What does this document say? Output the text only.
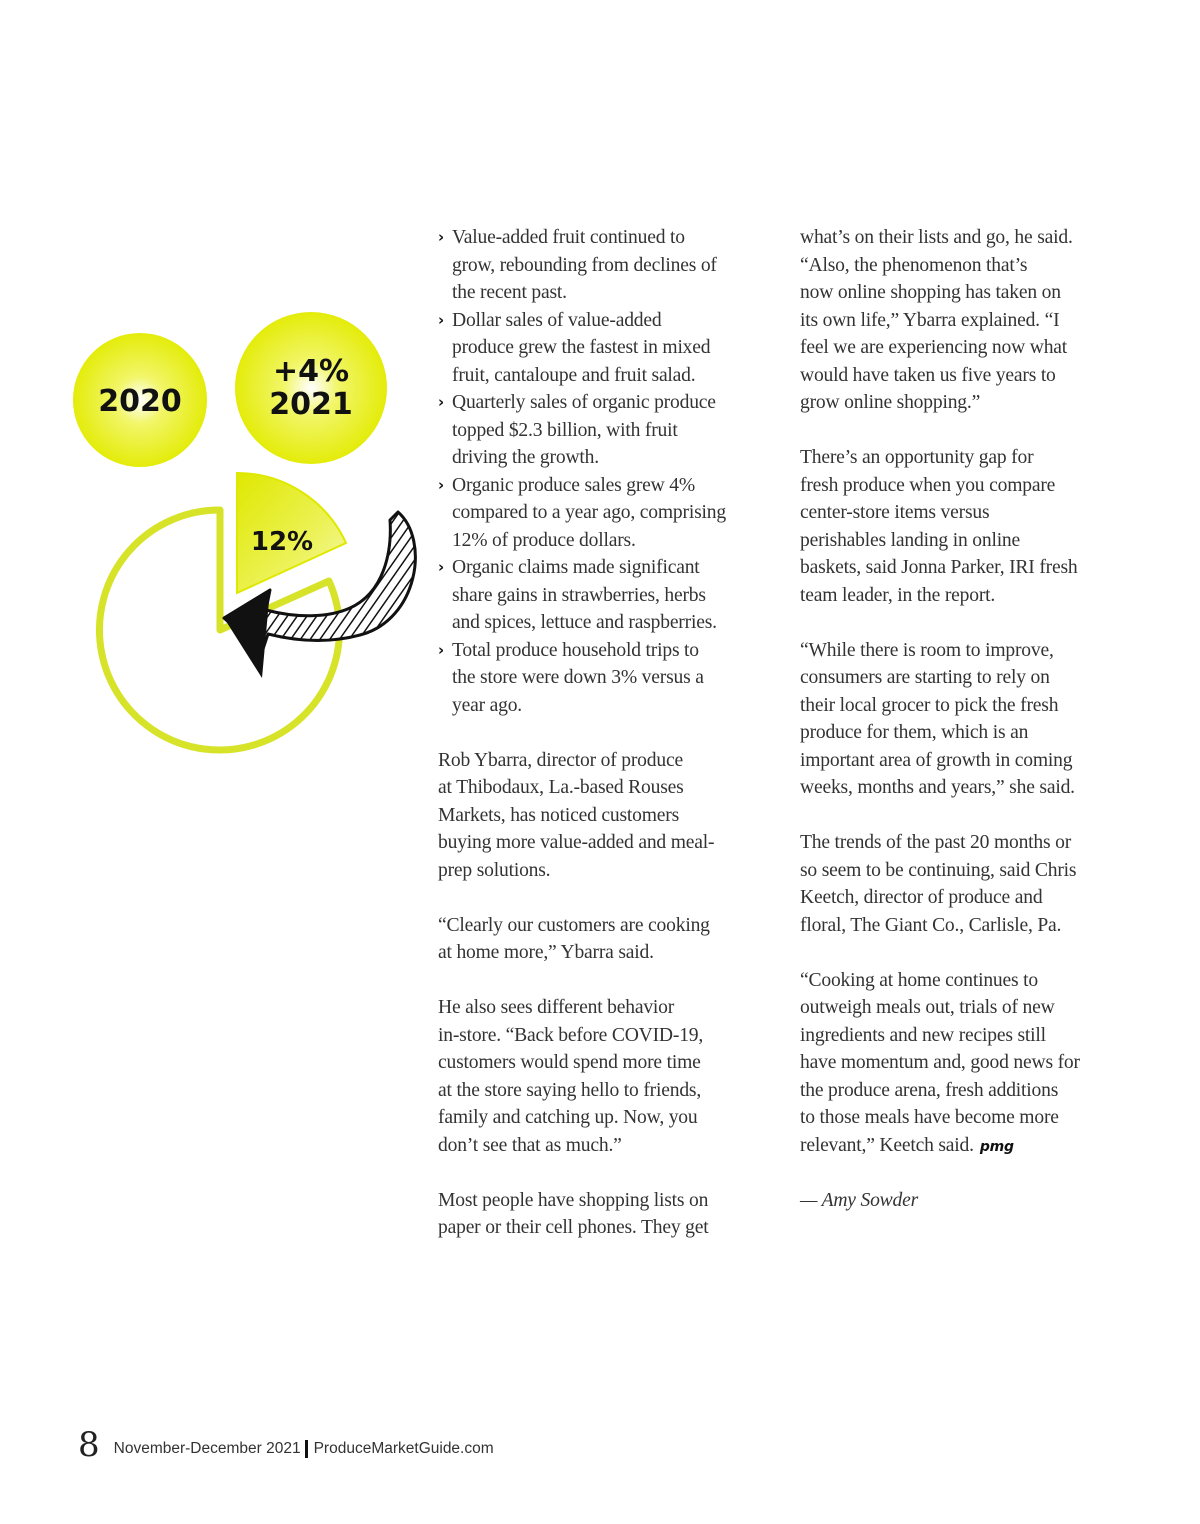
2020
+4%
2021
12%
› Value-added fruit continued to
grow, rebounding from declines of
the recent past.
› Dollar sales of value-added
produce grew the fastest in mixed
fruit, cantaloupe and fruit salad.
› Quarterly sales of organic produce
topped $2.3 billion, with fruit
driving the growth.
› Organic produce sales grew 4%
compared to a year ago, comprising
12% of produce dollars.
› Organic claims made significant
share gains in strawberries, herbs
and spices, lettuce and raspberries.
› Total produce household trips to
the store were down 3% versus a
year ago.
Rob Ybarra, director of produce
at Thibodaux, La.-based Rouses
Markets, has noticed customers
buying more value-added and meal-
prep solutions.
“Clearly our customers are cooking
at home more,” Ybarra said.
He also sees different behavior
in-store. “Back before COVID-19,
customers would spend more time
at the store saying hello to friends,
family and catching up. Now, you
don’t see that as much.”
Most people have shopping lists on
paper or their cell phones. They get
what’s on their lists and go, he said.
“Also, the phenomenon that’s
now online shopping has taken on
its own life,” Ybarra explained. “I
feel we are experiencing now what
would have taken us five years to
grow online shopping.”
There’s an opportunity gap for
fresh produce when you compare
center-store items versus
perishables landing in online
baskets, said Jonna Parker, IRI fresh
team leader, in the report.
“While there is room to improve,
consumers are starting to rely on
their local grocer to pick the fresh
produce for them, which is an
important area of growth in coming
weeks, months and years,” she said.
The trends of the past 20 months or
so seem to be continuing, said Chris
Keetch, director of produce and
floral, The Giant Co., Carlisle, Pa.
“Cooking at home continues to
outweigh meals out, trials of new
ingredients and new recipes still
have momentum and, good news for
the produce arena, fresh additions
to those meals have become more
relevant,” Keetch said. pmg
— Amy Sowder
8 November-December 2021 ProduceMarketGuide.com
